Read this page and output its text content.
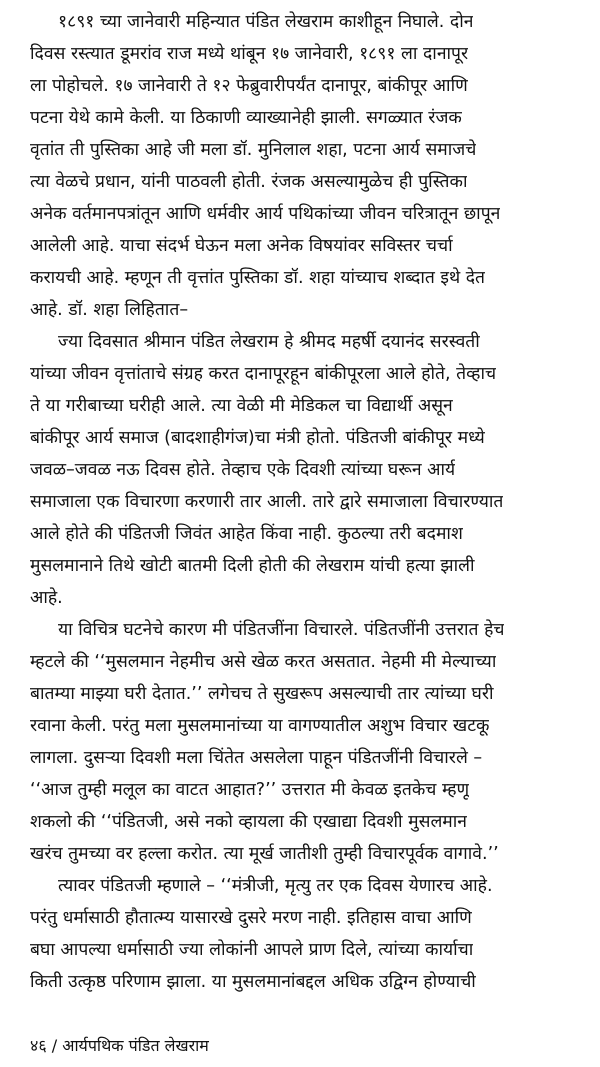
१८९१ च्या जानेवारी महिन्यात पंडित लेखराम काशीहून निघाले. दोन
दिवस रस्त्यात डूमरांव राज मध्ये थांबून १७ जानेवारी, १८९१ ला दानापूर
ला पोहोचले. १७ जानेवारी ते १२ फेब्रुवारीपर्यंत दानापूर, बांकीपूर आणि
पटना येथे कामे केली. या ठिकाणी व्याख्यानेही झाली. सगळ्यात रंजक
वृतांत ती पुस्तिका आहे जी मला डॉ. मुनिलाल शहा, पटना आर्य समाजचे
त्या वेळचे प्रधान, यांनी पाठवली होती. रंजक असल्यामुळेच ही पुस्तिका
अनेक वर्तमानपत्रांतून आणि धर्मवीर आर्य पथिकांच्या जीवन चरित्रातून छापून
आलेली आहे. याचा संदर्भ घेऊन मला अनेक विषयांवर सविस्तर चर्चा
करायची आहे. म्हणून ती वृत्तांत पुस्तिका डॉ. शहा यांच्याच शब्दात इथे देत
आहे. डॉ. शहा लिहितात–
ज्या दिवसात श्रीमान पंडित लेखराम हे श्रीमद महर्षी दयानंद सरस्वती
यांच्या जीवन वृत्तांताचे संग्रह करत दानापूरहून बांकीपूरला आले होते, तेव्हाच
ते या गरीबाच्या घरीही आले. त्या वेळी मी मेडिकल चा विद्यार्थी असून
बांकीपूर आर्य समाज (बादशाहीगंज)चा मंत्री होतो. पंडितजी बांकीपूर मध्ये
जवळ–जवळ नऊ दिवस होते. तेव्हाच एके दिवशी त्यांच्या घरून आर्य
समाजाला एक विचारणा करणारी तार आली. तारे द्वारे समाजाला विचारण्यात
आले होते की पंडितजी जिवंत आहेत किंवा नाही. कुठल्या तरी बदमाश
मुसलमानाने तिथे खोटी बातमी दिली होती की लेखराम यांची हत्या झाली
आहे.
या विचित्र घटनेचे कारण मी पंडितजींना विचारले. पंडितजींनी उत्तरात हेच
म्हटले की ‘‘मुसलमान नेहमीच असे खेळ करत असतात. नेहमी मी मेल्याच्या
बातम्या माझ्या घरी देतात.’’ लगेचच ते सुखरूप असल्याची तार त्यांच्या घरी
रवाना केली. परंतु मला मुसलमानांच्या या वागण्यातील अशुभ विचार खटकू
लागला. दुसऱ्या दिवशी मला चिंतेत असलेला पाहून पंडितजींनी विचारले –
‘‘आज तुम्ही मलूल का वाटत आहात?’’ उत्तरात मी केवळ इतकेच म्हणू
शकलो की ‘‘पंडितजी, असे नको व्हायला की एखाद्या दिवशी मुसलमान
खरंच तुमच्या वर हल्ला करोत. त्या मूर्ख जातीशी तुम्ही विचारपूर्वक वागावे.’’
त्यावर पंडितजी म्हणाले – ‘‘मंत्रीजी, मृत्यु तर एक दिवस येणारच आहे.
परंतु धर्मासाठी हौतात्म्य यासारखे दुसरे मरण नाही. इतिहास वाचा आणि
बघा आपल्या धर्मासाठी ज्या लोकांनी आपले प्राण दिले, त्यांच्या कार्याचा
किती उत्कृष्ठ परिणाम झाला. या मुसलमानांबद्दल अधिक उद्विग्न होण्याची
४६ / आर्यपथिक पंडित लेखराम
